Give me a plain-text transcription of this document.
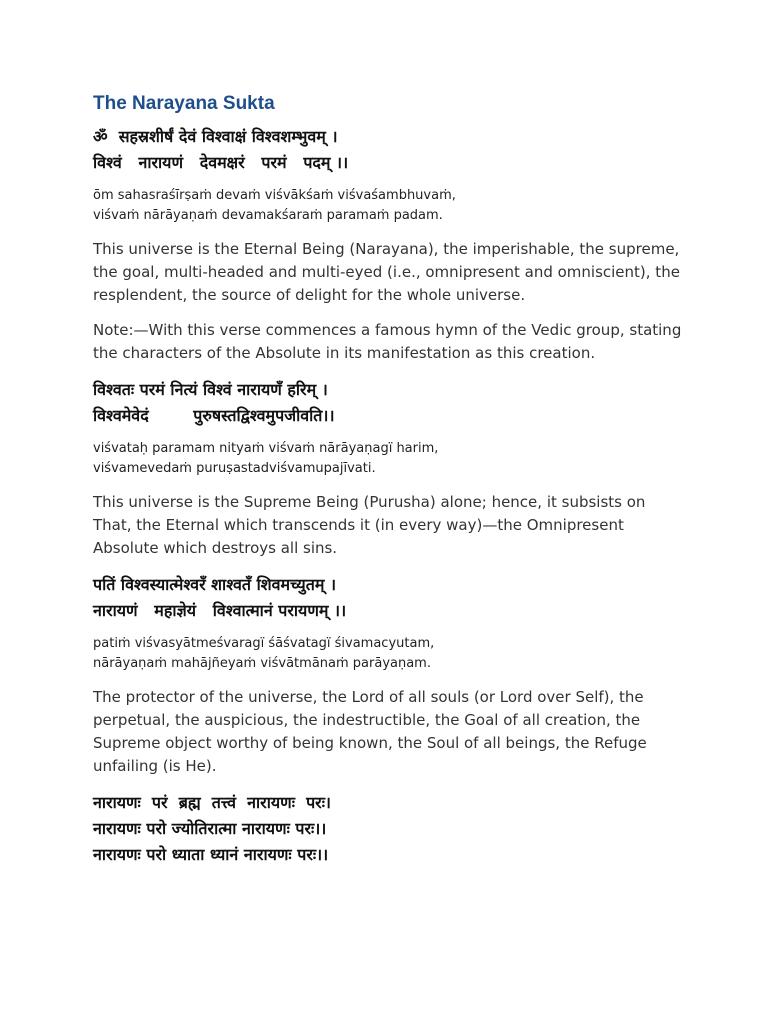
The Narayana Sukta

ॐ  सहस्रशीर्षं देवं विश्वाक्षं विश्वशम्भुवम् ।

विश्वं   नारायणं   देवमक्षरं   परमं   पदम् ।।

ōm sahasraśīrṣaṁ devaṁ viśvākśaṁ viśvaśambhuvaṁ,
viśvaṁ nārāyaṇaṁ devamakśaraṁ paramaṁ padam.

This universe is the Eternal Being (Narayana), the imperishable, the supreme, the goal, multi-headed and multi-eyed (i.e., omnipresent and omniscient), the resplendent, the source of delight for the whole universe.

Note:—With this verse commences a famous hymn of the Vedic group, stating the characters of the Absolute in its manifestation as this creation.

विश्वतः परमं नित्यं विश्वं नारायणँ हरिम् ।

विश्वमेवेदं        पुरुषस्तद्विश्वमुपजीवति।।

viśvataḥ paramam nityaṁ viśvaṁ nārāyaṇagï harim,
viśvamevedaṁ puruṣastadviśvamupajīvati.

This universe is the Supreme Being (Purusha) alone; hence, it subsists on That, the Eternal which transcends it (in every way)—the Omnipresent Absolute which destroys all sins.

पतिं विश्वस्यात्मेश्वरँ शाश्वतँ शिवमच्युतम् ।

नारायणं   महाज्ञेयं   विश्वात्मानं परायणम् ।।

patiṁ viśvasyātmeśvaragï śāśvatagï śivamacyutam,
nārāyaṇaṁ mahājñeyaṁ viśvātmānaṁ parāyaṇam.

The protector of the universe, the Lord of all souls (or Lord over Self), the perpetual, the auspicious, the indestructible, the Goal of all creation, the Supreme object worthy of being known, the Soul of all beings, the Refuge unfailing (is He).

नारायणः  परं  ब्रह्म  तत्त्वं  नारायणः  परः।

नारायणः परो ज्योतिरात्मा नारायणः परः।।

नारायणः परो ध्याता ध्यानं नारायणः परः।।
